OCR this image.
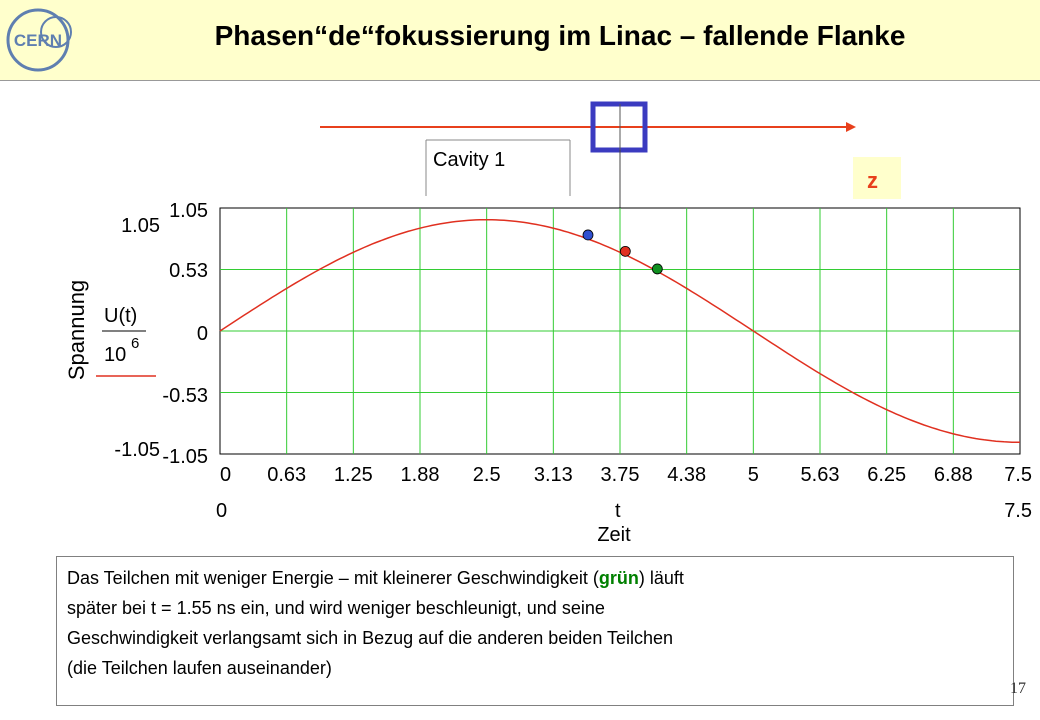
CERN	Phasen“de“fokussierung im Linac – fallende Flanke
Cavity 1
z
1.05
0.53
0
-0.53
-1.05
1.05
-1.05
Spannung U(t)
10
6
0 0.63 1.25 1.88 2.5 3.13 3.75 4.38 5 5.63 6.25 6.88 7.5
0	t	7.5
Zeit
Das Teilchen mit weniger Energie – mit kleinerer Geschwindigkeit (grün) läuft
später bei t = 1.55 ns ein, und wird weniger beschleunigt, und seine
Geschwindigkeit verlangsamt sich in Bezug auf die anderen beiden Teilchen
(die Teilchen laufen auseinander)
17
